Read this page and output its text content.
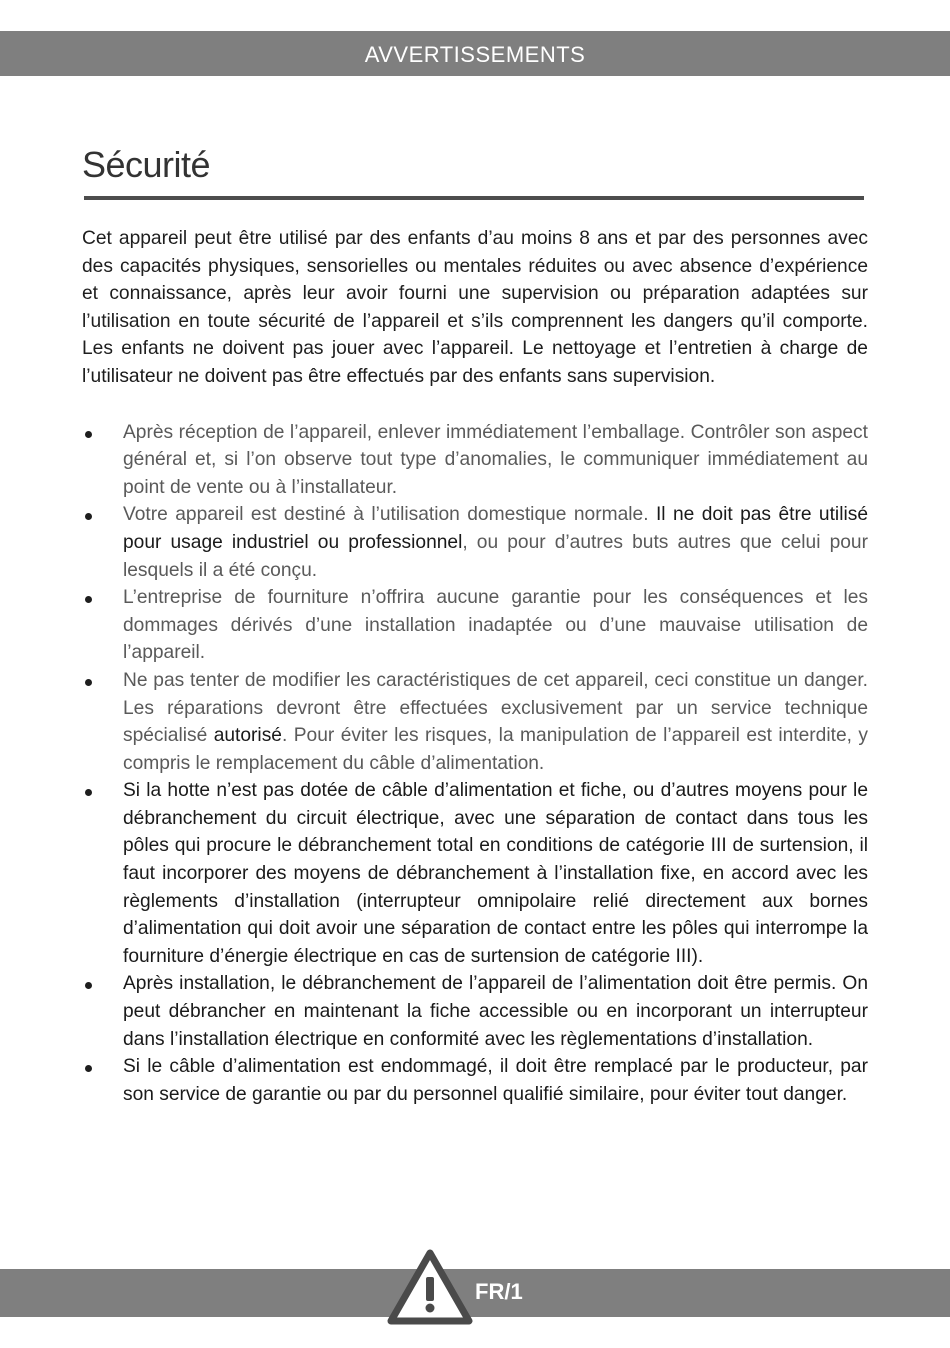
AVVERTISSEMENTS
Sécurité

Cet appareil peut être utilisé par des enfants d’au moins 8 ans et par des personnes avec des capacités physiques, sensorielles ou mentales réduites ou avec absence d’expérience et connaissance, après leur avoir fourni une supervision ou préparation adaptées sur l’utilisation en toute sécurité de l’appareil et s’ils comprennent les dangers qu’il comporte. Les enfants ne doivent pas jouer avec l’appareil. Le nettoyage et l’entretien à charge de l’utilisateur ne doivent pas être effectués par des enfants sans supervision.

Après réception de l’appareil, enlever immédiatement l’emballage. Contrôler son aspect général et, si l’on observe tout type d’anomalies, le communiquer immédiatement au point de vente ou à l’installateur.
Votre appareil est destiné à l’utilisation domestique normale. Il ne doit pas être utilisé pour usage industriel ou professionnel, ou pour d’autres buts autres que celui pour lesquels il a été conçu.
L’entreprise de fourniture n’offrira aucune garantie pour les conséquences et les dommages dérivés d’une installation inadaptée ou d’une mauvaise utilisation de l’appareil.
Ne pas tenter de modifier les caractéristiques de cet appareil, ceci constitue un danger. Les réparations devront être effectuées exclusivement par un service technique spécialisé autorisé. Pour éviter les risques, la manipulation de l’appareil est interdite, y compris le remplacement du câble d’alimentation.
Si la hotte n’est pas dotée de câble d’alimentation et fiche, ou d’autres moyens pour le débranchement du circuit électrique, avec une séparation de contact dans tous les pôles qui procure le débranchement total en conditions de catégorie III de surtension, il faut incorporer des moyens de débranchement à l’installation fixe, en accord avec les règlements d’installation (interrupteur omnipolaire relié directement aux bornes d’alimentation qui doit avoir une séparation de contact entre les pôles qui interrompe la fourniture d’énergie électrique en cas de surtension de catégorie III).
Après installation, le débranchement de l’appareil de l’alimentation doit être permis. On peut débrancher en maintenant la fiche accessible ou en incorporant un interrupteur dans l’installation électrique en conformité avec les règlementations d’installation.
Si le câble d’alimentation est endommagé, il doit être remplacé par le producteur, par son service de garantie ou par du personnel qualifié similaire, pour éviter tout danger.
FR/1
